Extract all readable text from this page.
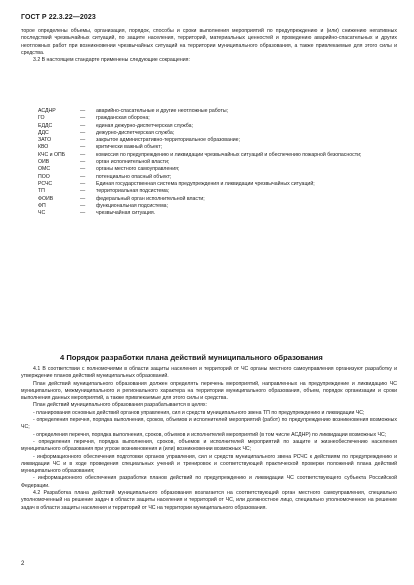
ГОСТ Р 22.3.22—2023

торое определены объемы, организация, порядок, способы и сроки выполнения мероприятий по предупреждению и (или) снижению негативных последствий чрезвычайных ситуаций, по защите населения, территорий, материальных ценностей и проведению аварийно-спасательных и других неотложных работ при возникновении чрезвычайных ситуаций на территории муниципального образования, а также привлекаемые для этого силы и средства.

3.2 В настоящем стандарте применены следующие сокращения:

АСДНР	—	аварийно-спасательные и другие неотложные работы;
ГО	—	гражданская оборона;
ЕДДС	—	единая дежурно-диспетчерская служба;
ДДС	—	дежурно-диспетчерская служба;
ЗАТО	—	закрытое административно-территориальное образование;
КВО	—	критически важный объект;
КЧС и ОПБ	—	комиссия по предупреждению и ликвидации чрезвычайных ситуаций и обеспечению пожарной безопасности;
ОИВ	—	орган исполнительной власти;
ОМС	—	органы местного самоуправления;
ПОО	—	потенциально опасный объект;
РСЧС	—	Единая государственная система предупреждения и ликвидации чрезвычайных ситуаций;
ТП	—	территориальная подсистема;
ФОИВ	—	федеральный орган исполнительной власти;
ФП	—	функциональная подсистема;
ЧС	—	чрезвычайная ситуация.
4 Порядок разработки плана действий муниципального образования

4.1 В соответствии с полномочиями в области защиты населения и территорий от ЧС органы местного самоуправления организуют разработку и утверждение планов действий муниципальных образований.

План действий муниципального образования должен определять перечень мероприятий, направленных на предупреждение и ликвидацию ЧС муниципального, межмуниципального и регионального характера на территории муниципального образования, объем, порядок организации и сроки выполнения данных мероприятий, а также привлекаемые для этого силы и средства.

План действий муниципального образования разрабатывается в целях:

- планирования основных действий органов управления, сил и средств муниципального звена ТП по предупреждению и ликвидации ЧС;

- определения перечня, порядка выполнения, сроков, объемов и исполнителей мероприятий (работ) по предупреждению возникновения возможных ЧС;

- определения перечня, порядка выполнения, сроков, объемов и исполнителей мероприятий (в том числе АСДНР) по ликвидации возможных ЧС;

- определения перечня, порядка выполнения, сроков, объемов и исполнителей мероприятий по защите и жизнеобеспечению населения муниципального образования при угрозе возникновения и (или) возникновении возможных ЧС;

- информационного обеспечения подготовки органов управления, сил и средств муниципального звена РСЧС к действиям по предупреждению и ликвидации ЧС и в ходе проведения специальных учений и тренировок и соответствующей практической проверки положений плана действий муниципального образования;

- информационного обеспечения разработки планов действий по предупреждению и ликвидации ЧС соответствующего субъекта Российской Федерации.

4.2 Разработка плана действий муниципального образования возлагается на соответствующий орган местного самоуправления, специально уполномоченный на решение задач в области защиты населения и территорий от ЧС, или должностное лицо, специально уполномоченное на решение задач в области защиты населения и территорий от ЧС на территории муниципального образования.

2
